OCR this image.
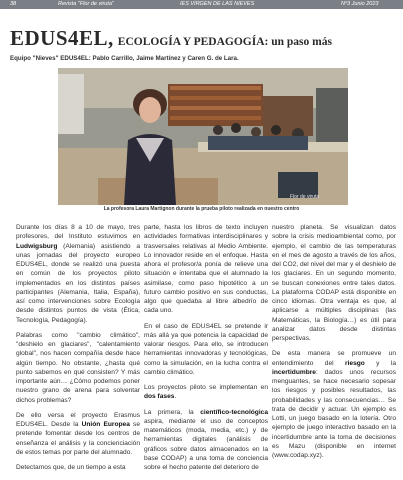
38	Revista "Flor de viruta"	IES VIRGEN DE LAS NIEVES	Nº3 Junio 2023
EDUS4EL, ECOLOGÍA Y PEDAGOGÍA: un paso más
Equipo "Nieves" EDUS4EL: Pablo Carrillo, Jaime Martínez y Caren G. de Lara.
Flor de viruta
La profesora Laura Martignon durante la prueba piloto realizada en nuestro centro

Durante los días 8 a 10 de mayo, tres profesores, del Instituto estuvimos en Ludwigsburg (Alemania) asistiendo a unas jornadas del proyecto europeo EDUS4EL, donde se realizó una puesta en común de los proyectos piloto implementados en los distintos países participantes (Alemania, Italia, España), así como intervenciones sobre Ecología desde distintos puntos de vista (Ética, Tecnología, Pedagogía).

Palabras como "cambio climático", "deshielo en glaciares", "calentamiento global", nos hacen compañía desde hace algún tiempo. No obstante, ¿hasta qué punto sabemos en qué consisten? Y más importante aún… ¿Cómo podemos poner nuestro grano de arena para solventar dichos problemas?

De ello versa el proyecto Erasmus EDUS4EL. Desde la Unión Europea se pretende fomentar desde los centros de enseñanza el análisis y la concienciación de estos temas por parte del alumnado.

Detectamos que, de un tiempo a esta

parte, hasta los libros de texto incluyen actividades formativas interdisciplinares y trasversales relativas al Medio Ambiente. Lo innovador reside en el enfoque. Hasta ahora el profesor/a ponía de relieve una situación e intentaba que el alumnado la asimilase, como paso hipotético a un futuro cambio positivo en sus conductas, algo que quedaba al libre albedrío de cada uno.

En el caso de EDUS4EL se pretende ir más allá ya que potencia la capacidad de valorar riesgos. Para ello, se introducen herramientas innovadoras y tecnológicas, como la simulación, en la lucha contra el cambio climático.

Los proyectos piloto se implementan en dos fases.

La primera, la científico-tecnológica aspira, mediante el uso de conceptos matemáticos (moda, media, etc.) y de herramientas digitales (análisis de gráficos sobre datos almacenados en la base CODAP) a una toma de conciencia sobre el hecho patente del deterioro de

nuestro planeta. Se visualizan datos sobre la crisis medioambiental como, por ejemplo, el cambio de las temperaturas en el mes de agosto a través de los años, del CO2, del nivel del mar y el deshielo de los glaciares. En un segundo momento, se buscan conexiones entre tales datos. La plataforma CODAP está disponible en cinco idiomas. Otra ventaja es que, al aplicarse a múltiples disciplinas (las Matemáticas, la Biología…) es útil para analizar datos desde distintas perspectivas.

De esta manera se promueve un entendimiento del riesgo y la incertidumbre: dados unos recursos menguantes, se hace necesario sopesar los riesgos y posibles resultados, las probabilidades y las consecuencias… Se trata de decidir y actuar. Un ejemplo es Lotti, un juego basado en la lotería. Otro ejemplo de juego interactivo basado en la incertidumbre ante la toma de decisiones es Mazu (disponible en internet (www.codap.xyz).
